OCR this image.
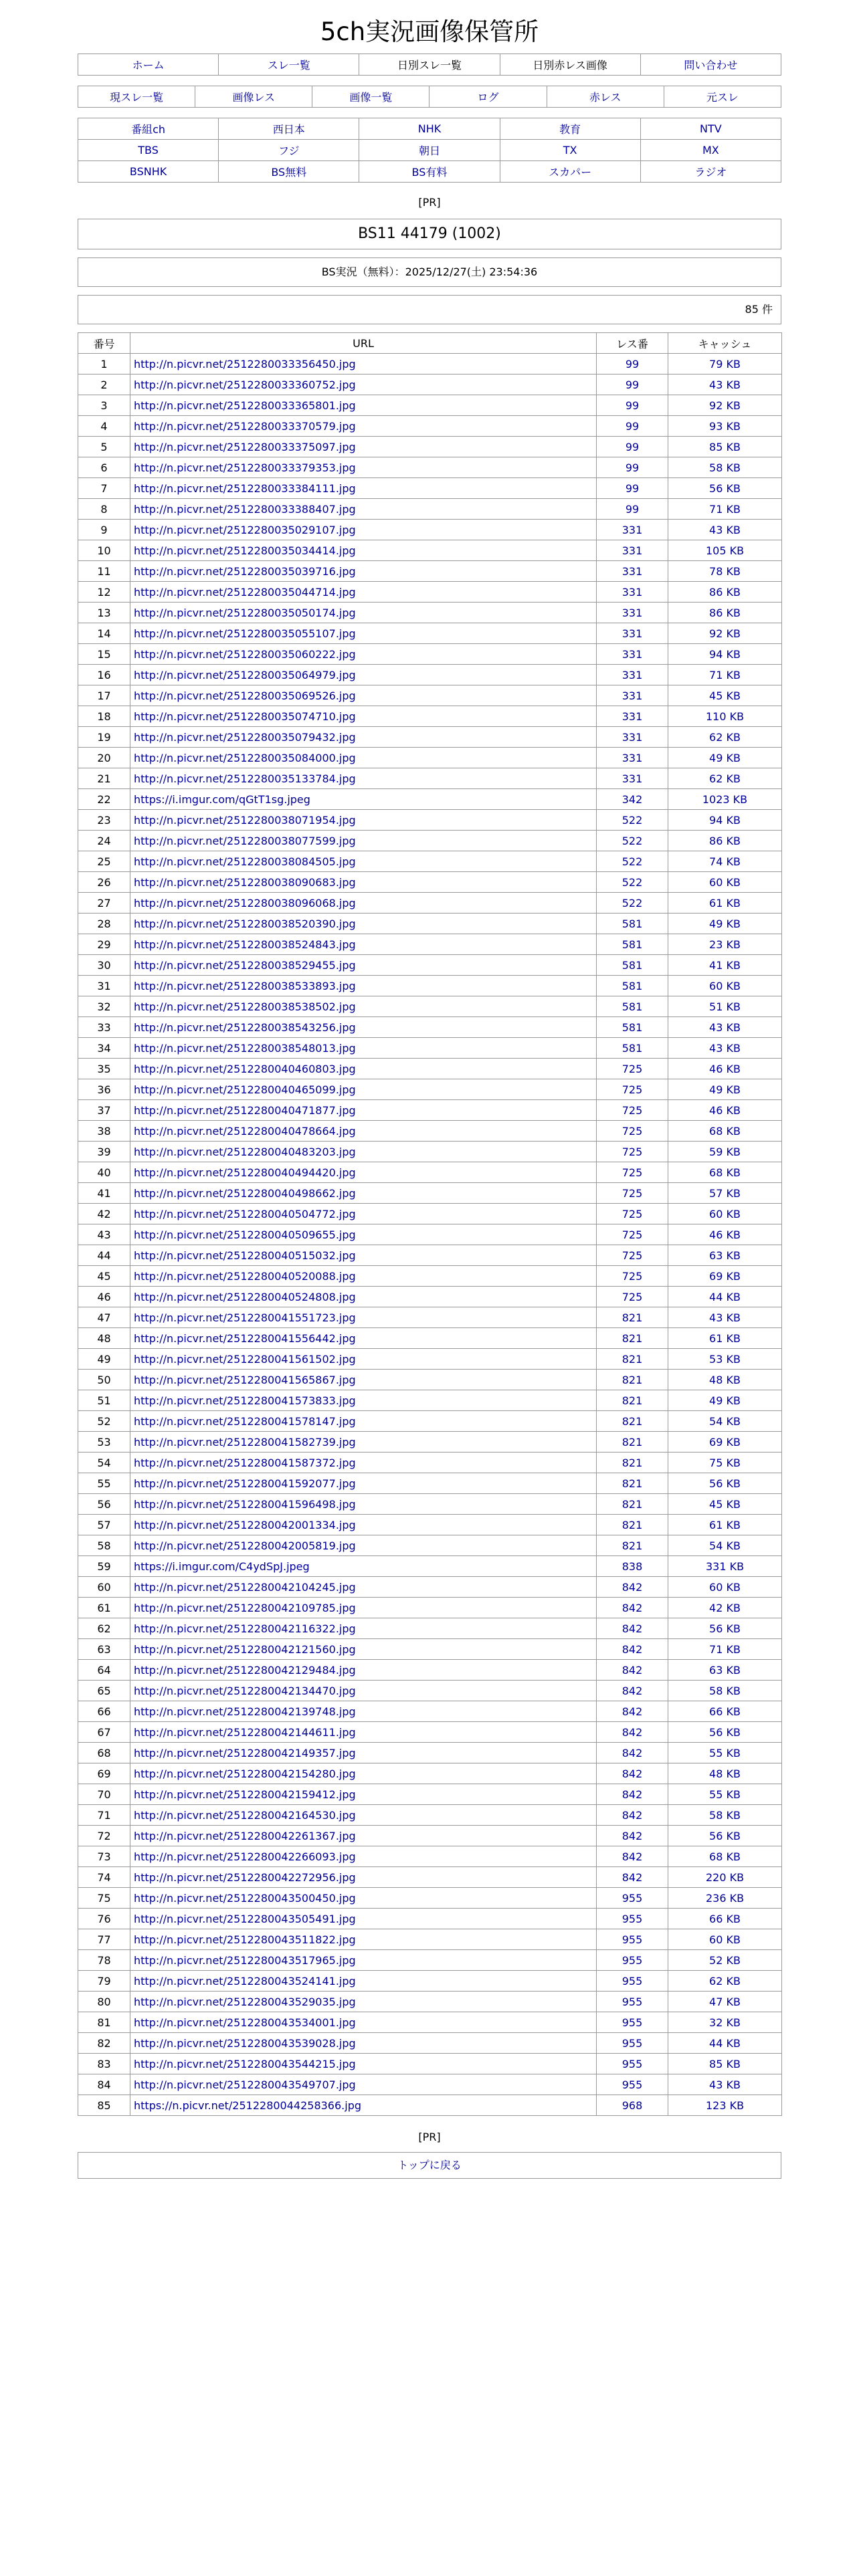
5ch実況画像保管所
ホーム	スレ一覧	日別スレ一覧	日別赤レス画像	問い合わせ
現スレ一覧	画像レス	画像一覧	ログ	赤レス	元スレ
番組ch	西日本	NHK	教育	NTV
TBS	フジ	朝日	TX	MX
BSNHK	BS無料	BS有料	スカパー	ラジオ
[PR]
BS11 44179 (1002)
BS実況（無料）：2025/12/27(土) 23:54:36
85 件
番号	URL	レス番	キャッシュ
1	http://n.picvr.net/2512280033356450.jpg	99	79 KB
2	http://n.picvr.net/2512280033360752.jpg	99	43 KB
3	http://n.picvr.net/2512280033365801.jpg	99	92 KB
4	http://n.picvr.net/2512280033370579.jpg	99	93 KB
5	http://n.picvr.net/2512280033375097.jpg	99	85 KB
6	http://n.picvr.net/2512280033379353.jpg	99	58 KB
7	http://n.picvr.net/2512280033384111.jpg	99	56 KB
8	http://n.picvr.net/2512280033388407.jpg	99	71 KB
9	http://n.picvr.net/2512280035029107.jpg	331	43 KB
10	http://n.picvr.net/2512280035034414.jpg	331	105 KB
11	http://n.picvr.net/2512280035039716.jpg	331	78 KB
12	http://n.picvr.net/2512280035044714.jpg	331	86 KB
13	http://n.picvr.net/2512280035050174.jpg	331	86 KB
14	http://n.picvr.net/2512280035055107.jpg	331	92 KB
15	http://n.picvr.net/2512280035060222.jpg	331	94 KB
16	http://n.picvr.net/2512280035064979.jpg	331	71 KB
17	http://n.picvr.net/2512280035069526.jpg	331	45 KB
18	http://n.picvr.net/2512280035074710.jpg	331	110 KB
19	http://n.picvr.net/2512280035079432.jpg	331	62 KB
20	http://n.picvr.net/2512280035084000.jpg	331	49 KB
21	http://n.picvr.net/2512280035133784.jpg	331	62 KB
22	https://i.imgur.com/qGtT1sg.jpeg	342	1023 KB
23	http://n.picvr.net/2512280038071954.jpg	522	94 KB
24	http://n.picvr.net/2512280038077599.jpg	522	86 KB
25	http://n.picvr.net/2512280038084505.jpg	522	74 KB
26	http://n.picvr.net/2512280038090683.jpg	522	60 KB
27	http://n.picvr.net/2512280038096068.jpg	522	61 KB
28	http://n.picvr.net/2512280038520390.jpg	581	49 KB
29	http://n.picvr.net/2512280038524843.jpg	581	23 KB
30	http://n.picvr.net/2512280038529455.jpg	581	41 KB
31	http://n.picvr.net/2512280038533893.jpg	581	60 KB
32	http://n.picvr.net/2512280038538502.jpg	581	51 KB
33	http://n.picvr.net/2512280038543256.jpg	581	43 KB
34	http://n.picvr.net/2512280038548013.jpg	581	43 KB
35	http://n.picvr.net/2512280040460803.jpg	725	46 KB
36	http://n.picvr.net/2512280040465099.jpg	725	49 KB
37	http://n.picvr.net/2512280040471877.jpg	725	46 KB
38	http://n.picvr.net/2512280040478664.jpg	725	68 KB
39	http://n.picvr.net/2512280040483203.jpg	725	59 KB
40	http://n.picvr.net/2512280040494420.jpg	725	68 KB
41	http://n.picvr.net/2512280040498662.jpg	725	57 KB
42	http://n.picvr.net/2512280040504772.jpg	725	60 KB
43	http://n.picvr.net/2512280040509655.jpg	725	46 KB
44	http://n.picvr.net/2512280040515032.jpg	725	63 KB
45	http://n.picvr.net/2512280040520088.jpg	725	69 KB
46	http://n.picvr.net/2512280040524808.jpg	725	44 KB
47	http://n.picvr.net/2512280041551723.jpg	821	43 KB
48	http://n.picvr.net/2512280041556442.jpg	821	61 KB
49	http://n.picvr.net/2512280041561502.jpg	821	53 KB
50	http://n.picvr.net/2512280041565867.jpg	821	48 KB
51	http://n.picvr.net/2512280041573833.jpg	821	49 KB
52	http://n.picvr.net/2512280041578147.jpg	821	54 KB
53	http://n.picvr.net/2512280041582739.jpg	821	69 KB
54	http://n.picvr.net/2512280041587372.jpg	821	75 KB
55	http://n.picvr.net/2512280041592077.jpg	821	56 KB
56	http://n.picvr.net/2512280041596498.jpg	821	45 KB
57	http://n.picvr.net/2512280042001334.jpg	821	61 KB
58	http://n.picvr.net/2512280042005819.jpg	821	54 KB
59	https://i.imgur.com/C4ydSpJ.jpeg	838	331 KB
60	http://n.picvr.net/2512280042104245.jpg	842	60 KB
61	http://n.picvr.net/2512280042109785.jpg	842	42 KB
62	http://n.picvr.net/2512280042116322.jpg	842	56 KB
63	http://n.picvr.net/2512280042121560.jpg	842	71 KB
64	http://n.picvr.net/2512280042129484.jpg	842	63 KB
65	http://n.picvr.net/2512280042134470.jpg	842	58 KB
66	http://n.picvr.net/2512280042139748.jpg	842	66 KB
67	http://n.picvr.net/2512280042144611.jpg	842	56 KB
68	http://n.picvr.net/2512280042149357.jpg	842	55 KB
69	http://n.picvr.net/2512280042154280.jpg	842	48 KB
70	http://n.picvr.net/2512280042159412.jpg	842	55 KB
71	http://n.picvr.net/2512280042164530.jpg	842	58 KB
72	http://n.picvr.net/2512280042261367.jpg	842	56 KB
73	http://n.picvr.net/2512280042266093.jpg	842	68 KB
74	http://n.picvr.net/2512280042272956.jpg	842	220 KB
75	http://n.picvr.net/2512280043500450.jpg	955	236 KB
76	http://n.picvr.net/2512280043505491.jpg	955	66 KB
77	http://n.picvr.net/2512280043511822.jpg	955	60 KB
78	http://n.picvr.net/2512280043517965.jpg	955	52 KB
79	http://n.picvr.net/2512280043524141.jpg	955	62 KB
80	http://n.picvr.net/2512280043529035.jpg	955	47 KB
81	http://n.picvr.net/2512280043534001.jpg	955	32 KB
82	http://n.picvr.net/2512280043539028.jpg	955	44 KB
83	http://n.picvr.net/2512280043544215.jpg	955	85 KB
84	http://n.picvr.net/2512280043549707.jpg	955	43 KB
85	https://n.picvr.net/2512280044258366.jpg	968	123 KB
[PR]
トップに戻る
